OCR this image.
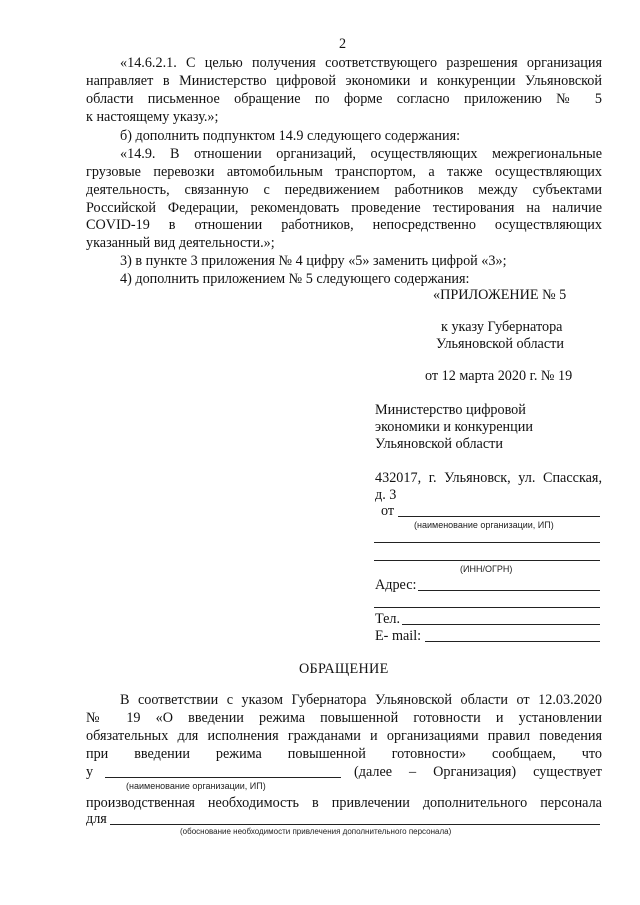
2
«14.6.2.1. С целью получения соответствующего разрешения организация
направляет в Министерство цифровой экономики и конкуренции Ульяновской
области письменное обращение по форме согласно приложению № 5
к настоящему указу.»;
б) дополнить подпунктом 14.9 следующего содержания:
«14.9. В отношении организаций, осуществляющих межрегиональные
грузовые перевозки автомобильным транспортом, а также осуществляющих
деятельность, связанную с передвижением работников между субъектами
Российской Федерации, рекомендовать проведение тестирования на наличие
COVID-19 в отношении работников, непосредственно осуществляющих
указанный вид деятельности.»;
3) в пункте 3 приложения № 4 цифру «5» заменить цифрой «3»;
4) дополнить приложением № 5 следующего содержания:
«ПРИЛОЖЕНИЕ № 5
к указу Губернатора
Ульяновской области
от 12 марта 2020 г. № 19
Министерство цифровой
экономики и конкуренции
Ульяновской области
432017, г. Ульяновск, ул. Спасская,
д. 3
от
(наименование организации, ИП)
(ИНН/ОГРН)
Адрес:
Тел.
E- mail:
ОБРАЩЕНИЕ
В соответствии с указом Губернатора Ульяновской области от 12.03.2020
№ 19 «О введении режима повышенной готовности и установлении
обязательных для исполнения гражданами и организациями правил поведения
при введении режима повышенной готовности» сообщаем, что
у	(далее – Организация) существует
(наименование организации, ИП)
производственная необходимость в привлечении дополнительного персонала
для
(обоснование необходимости привлечения дополнительного персонала)
